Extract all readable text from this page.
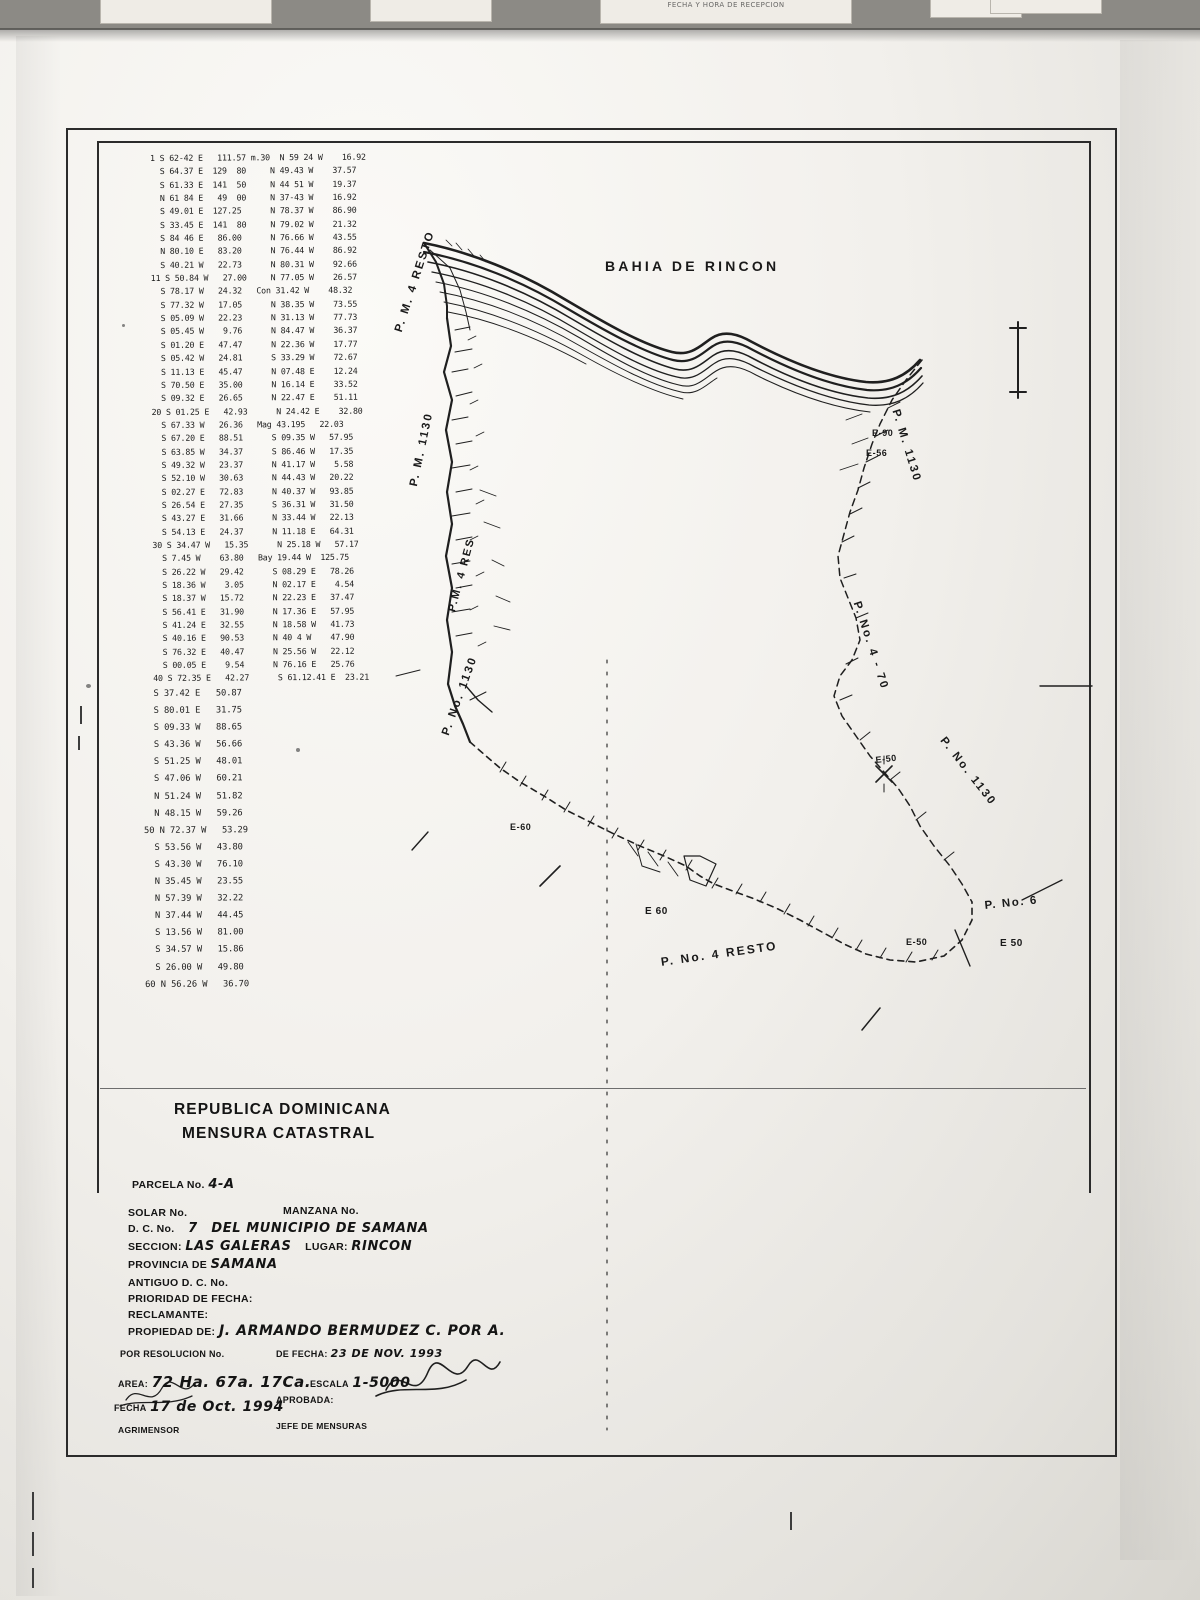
FECHA Y HORA DE RECEPCION
1 S 62-42 E   111.57 m.30  N 59 24 W    16.92
S 64.37 E  129  80     N 49.43 W    37.57
S 61.33 E  141  50     N 44 51 W    19.37
N 61 84 E   49  00     N 37-43 W    16.92
S 49.01 E  127.25      N 78.37 W    86.90
S 33.45 E  141  80     N 79.02 W    21.32
S 84 46 E   86.00      N 76.66 W    43.55
N 80.10 E   83.20      N 76.44 W    86.92
S 40.21 W   22.73      N 80.31 W    92.66
11 S 50.84 W   27.00     N 77.05 W    26.57
S 78.17 W   24.32   Con 31.42 W    48.32
S 77.32 W   17.05      N 38.35 W    73.55
S 05.09 W   22.23      N 31.13 W    77.73
S 05.45 W    9.76      N 84.47 W    36.37
S 01.20 E   47.47      N 22.36 W    17.77
S 05.42 W   24.81      S 33.29 W    72.67
S 11.13 E   45.47      N 07.48 E    12.24
S 70.50 E   35.00      N 16.14 E    33.52
S 09.32 E   26.65      N 22.47 E    51.11
20 S 01.25 E   42.93      N 24.42 E    32.80
S 67.33 W   26.36   Mag 43.195   22.03
S 67.20 E   88.51      S 09.35 W   57.95
S 63.85 W   34.37      S 86.46 W   17.35
S 49.32 W   23.37      N 41.17 W    5.58
S 52.10 W   30.63      N 44.43 W   20.22
S 02.27 E   72.83      N 40.37 W   93.85
S 26.54 E   27.35      S 36.31 W   31.50
S 43.27 E   31.66      N 33.44 W   22.13
S 54.13 E   24.37      N 11.18 E   64.31
30 S 34.47 W   15.35      N 25.18 W   57.17
S 7.45 W    63.80   Bay 19.44 W  125.75
S 26.22 W   29.42      S 08.29 E   78.26
S 18.36 W    3.05      N 02.17 E    4.54
S 18.37 W   15.72      N 22.23 E   37.47
S 56.41 E   31.90      N 17.36 E   57.95
S 41.24 E   32.55      N 18.58 W   41.73
S 40.16 E   90.53      N 40 4 W    47.90
S 76.32 E   40.47      N 25.56 W   22.12
S 00.05 E    9.54      N 76.16 E   25.76
40 S 72.35 E   42.27      S 61.12.41 E  23.21
S 37.42 E   50.87
S 80.01 E   31.75
S 09.33 W   88.65
S 43.36 W   56.66
S 51.25 W   48.01
S 47.06 W   60.21
N 51.24 W   51.82
N 48.15 W   59.26
50 N 72.37 W   53.29
S 53.56 W   43.80
S 43.30 W   76.10
N 35.45 W   23.55
N 57.39 W   32.22
N 37.44 W   44.45
S 13.56 W   81.00
S 34.57 W   15.86
S 26.00 W   49.80
60 N 56.26 W   36.70
BAHIA DE RINCON
P. M. 4 RESTO
P. M. 1130
P.M. 4 RES
P. No. 1130
P. M. 1130
P. No. 4 - 70
P. No. 1130
P. No. 6
P. No. 4 RESTO
E 60
E 50
E-50
E-90
E-56
E-60
E-50
REPUBLICA DOMINICANA
MENSURA CATASTRAL
PARCELA No. 4-A
SOLAR No.	MANZANA No.
D. C. No. 7 DEL MUNICIPIO DE SAMANA
SECCION: LAS GALERAS LUGAR: RINCON
PROVINCIA DE SAMANA
ANTIGUO D. C. No.
PRIORIDAD DE FECHA:
RECLAMANTE:
PROPIEDAD DE: J. ARMANDO BERMUDEZ C. POR A.
POR RESOLUCION No.	DE FECHA: 23 DE NOV. 1993
AREA: 72 Ha. 67a. 17Ca.
ESCALA 1-5000
FECHA 17 de Oct. 1994
APROBADA:
AGRIMENSOR	JEFE DE MENSURAS
